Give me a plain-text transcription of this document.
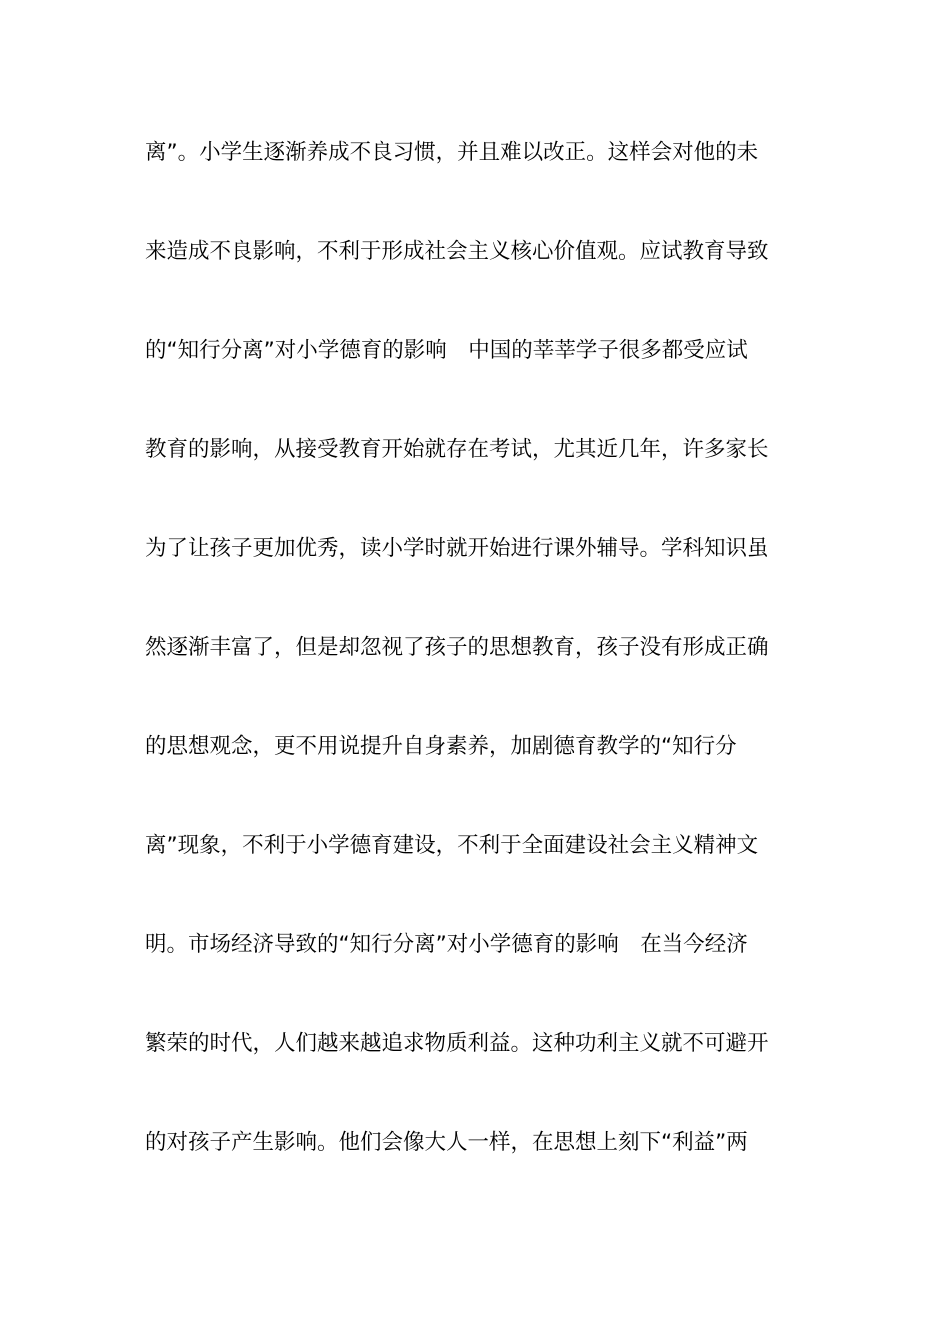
离”。小学生逐渐养成不良习惯，并且难以改正。这样会对他的未
来造成不良影响，不利于形成社会主义核心价值观。应试教育导致
的“知行分离”对小学德育的影响　中国的莘莘学子很多都受应试
教育的影响，从接受教育开始就存在考试，尤其近几年，许多家长
为了让孩子更加优秀，读小学时就开始进行课外辅导。学科知识虽
然逐渐丰富了，但是却忽视了孩子的思想教育，孩子没有形成正确
的思想观念，更不用说提升自身素养，加剧德育教学的“知行分
离”现象，不利于小学德育建设，不利于全面建设社会主义精神文
明。市场经济导致的“知行分离”对小学德育的影响　在当今经济
繁荣的时代，人们越来越追求物质利益。这种功利主义就不可避开
的对孩子产生影响。他们会像大人一样，在思想上刻下“利益”两
